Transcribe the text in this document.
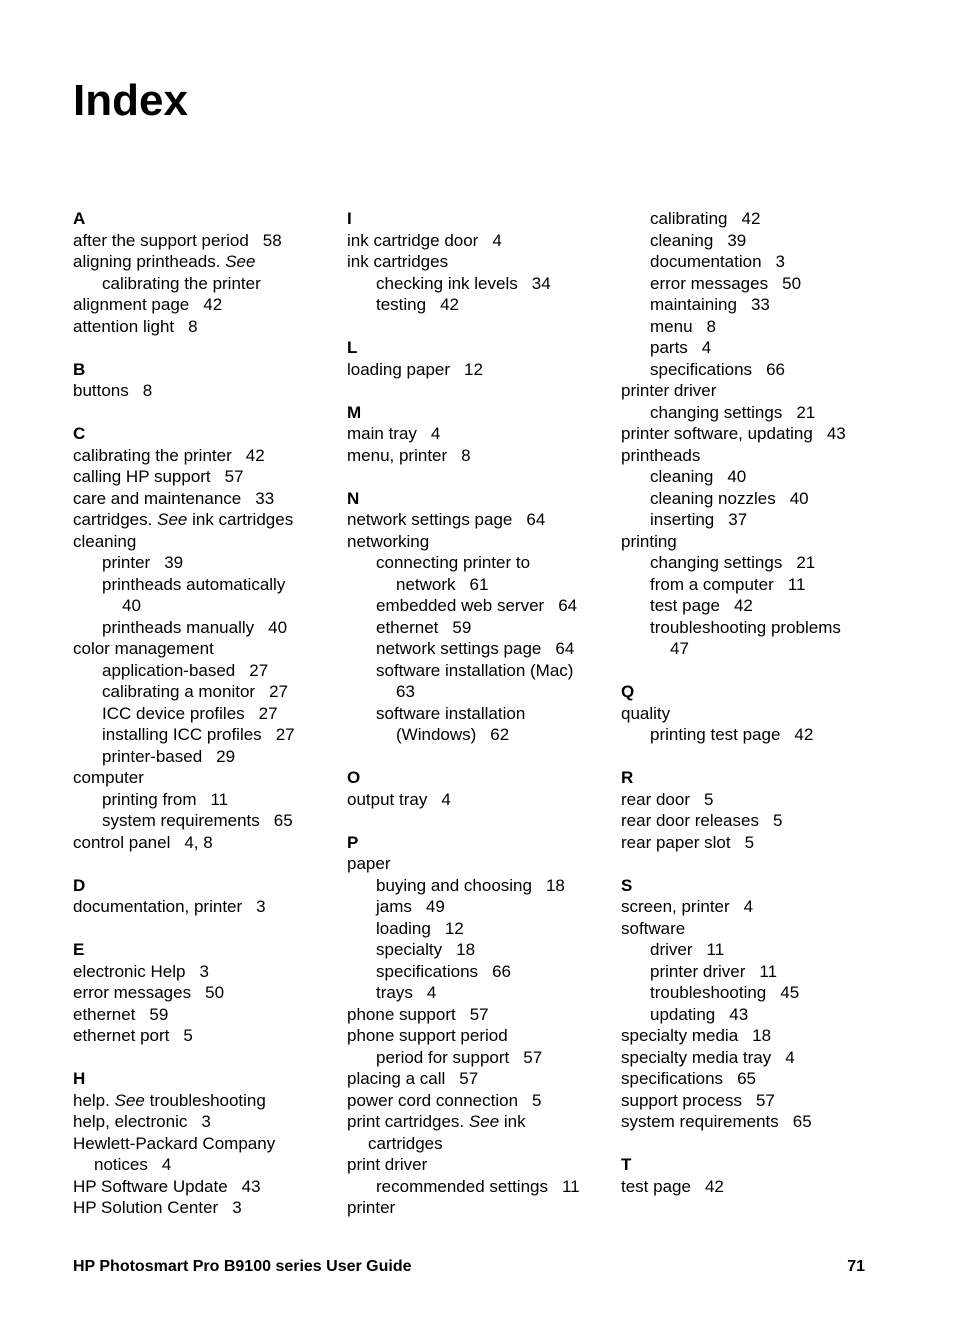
Index
A
after the support period 58
aligning printheads. See
calibrating the printer
alignment page 42
attention light 8
B
buttons 8
C
calibrating the printer 42
calling HP support 57
care and maintenance 33
cartridges. See ink cartridges
cleaning
printer 39
printheads automatically
40
printheads manually 40
color management
application-based 27
calibrating a monitor 27
ICC device profiles 27
installing ICC profiles 27
printer-based 29
computer
printing from 11
system requirements 65
control panel 4, 8
D
documentation, printer 3
E
electronic Help 3
error messages 50
ethernet 59
ethernet port 5
H
help. See troubleshooting
help, electronic 3
Hewlett-Packard Company
notices 4
HP Software Update 43
HP Solution Center 3
I
ink cartridge door 4
ink cartridges
checking ink levels 34
testing 42
L
loading paper 12
M
main tray 4
menu, printer 8
N
network settings page 64
networking
connecting printer to
network 61
embedded web server 64
ethernet 59
network settings page 64
software installation (Mac)
63
software installation
(Windows) 62
O
output tray 4
P
paper
buying and choosing 18
jams 49
loading 12
specialty 18
specifications 66
trays 4
phone support 57
phone support period
period for support 57
placing a call 57
power cord connection 5
print cartridges. See ink
cartridges
print driver
recommended settings 11
printer
calibrating 42
cleaning 39
documentation 3
error messages 50
maintaining 33
menu 8
parts 4
specifications 66
printer driver
changing settings 21
printer software, updating 43
printheads
cleaning 40
cleaning nozzles 40
inserting 37
printing
changing settings 21
from a computer 11
test page 42
troubleshooting problems
47
Q
quality
printing test page 42
R
rear door 5
rear door releases 5
rear paper slot 5
S
screen, printer 4
software
driver 11
printer driver 11
troubleshooting 45
updating 43
specialty media 18
specialty media tray 4
specifications 65
support process 57
system requirements 65
T
test page 42
HP Photosmart Pro B9100 series User Guide	71
